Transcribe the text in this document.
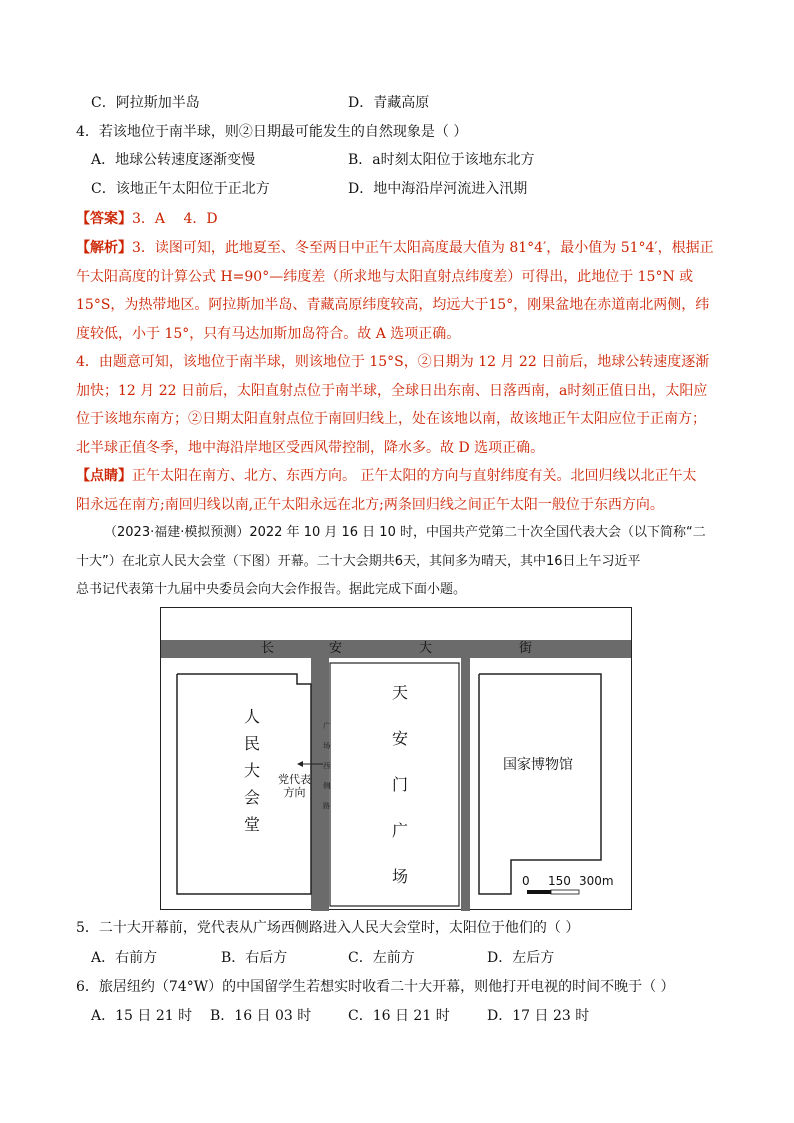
C．阿拉斯加半岛	D．青藏高原
4．若该地位于南半球，则②日期最可能发生的自然现象是（ ）
A．地球公转速度逐渐变慢	B．a时刻太阳位于该地东北方
C．该地正午太阳位于正北方	D．地中海沿岸河流进入汛期
【答案】3．A　 4．D
【解析】3．读图可知，此地夏至、冬至两日中正午太阳高度最大值为 81°4′，最小值为 51°4′，根据正
午太阳高度的计算公式 H=90°—纬度差（所求地与太阳直射点纬度差）可得出，此地位于 15°N 或
15°S，为热带地区。阿拉斯加半岛、青藏高原纬度较高，均远大于15°，刚果盆地在赤道南北两侧，纬
度较低，小于 15°，只有马达加斯加岛符合。故 A 选项正确。
4．由题意可知，该地位于南半球，则该地位于 15°S，②日期为 12 月 22 日前后，地球公转速度逐渐
加快；12 月 22 日前后，太阳直射点位于南半球，全球日出东南、日落西南，a时刻正值日出，太阳应
位于该地东南方；②日期太阳直射点位于南回归线上，处在该地以南，故该地正午太阳应位于正南方；
北半球正值冬季，地中海沿岸地区受西风带控制，降水多。故 D 选项正确。
【点睛】正午太阳在南方、北方、东西方向。 正午太阳的方向与直射纬度有关。北回归线以北正午太
阳永远在南方;南回归线以南,正午太阳永远在北方;两条回归线之间正午太阳一般位于东西方向。
（2023·福建·模拟预测）2022 年 10 月 16 日 10 时，中国共产党第二十次全国代表大会（以下简称“二
十大”）在北京人民大会堂（下图）开幕。二十大会期共6天，其间多为晴天，其中16日上午习近平
总书记代表第十九届中央委员会向大会作报告。据此完成下面小题。
长	安	大	街
人
民
大
会
堂
天
安
门
广
场
广
场
西
侧
路
党代表
方向
国家博物馆
0 150 300m
5．二十大开幕前，党代表从广场西侧路进入人民大会堂时，太阳位于他们的（ ）
A．右前方	B．右后方	C．左前方	D．左后方
6．旅居纽约（74°W）的中国留学生若想实时收看二十大开幕，则他打开电视的时间不晚于（ ）
A．15 日 21 时 B．16 日 03 时	C．16 日 21 时	D．17 日 23 时
